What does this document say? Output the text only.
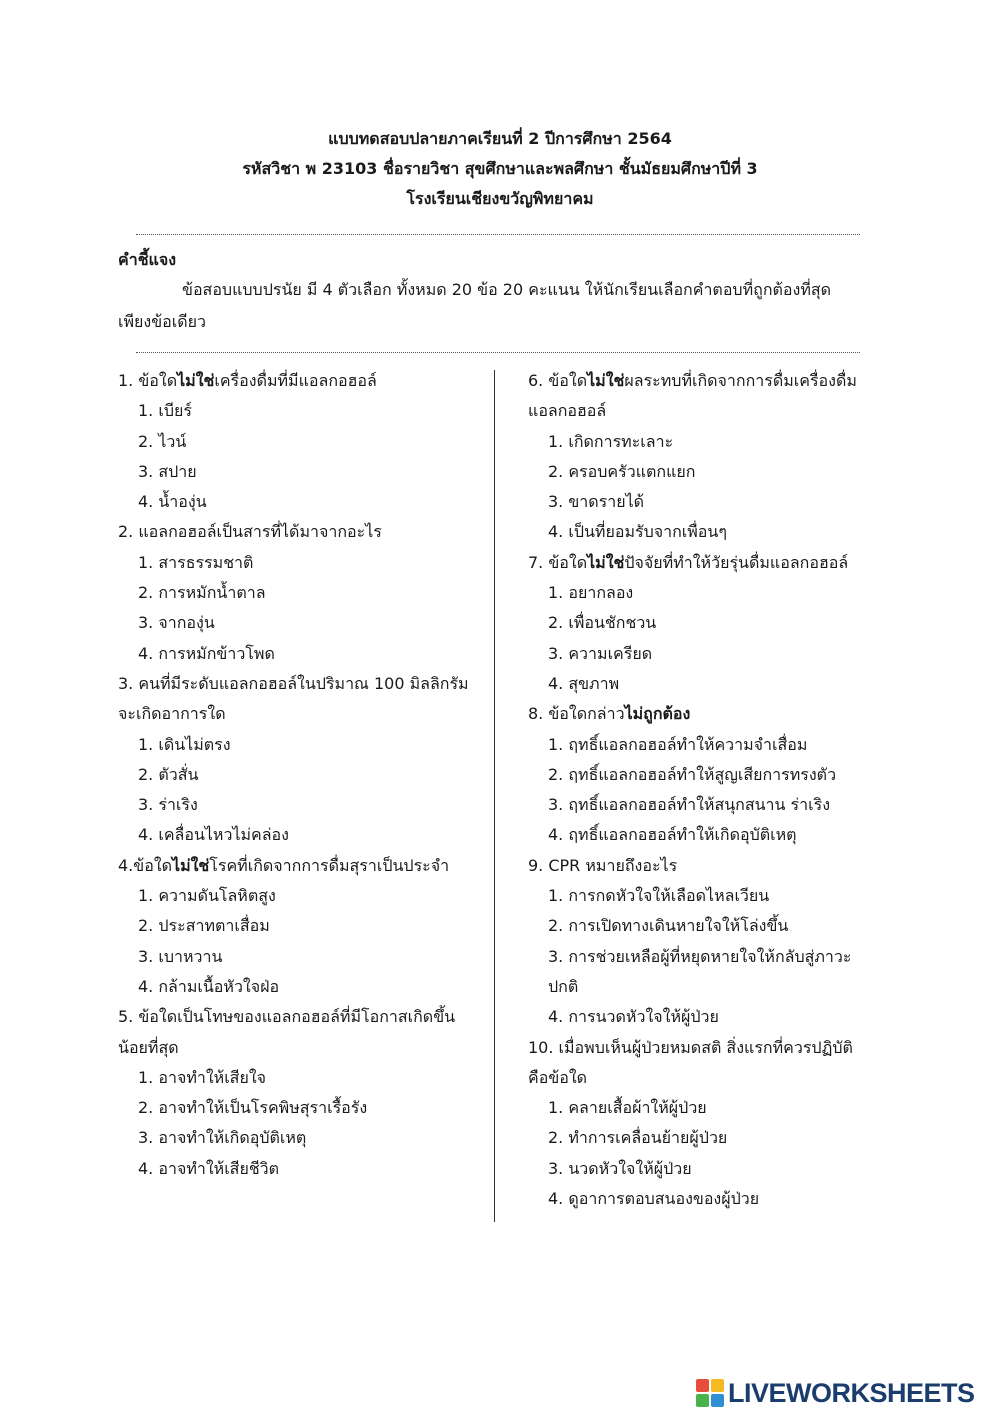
แบบทดสอบปลายภาคเรียนที่ 2 ปีการศึกษา 2564
รหัสวิชา พ 23103 ชื่อรายวิชา สุขศึกษาและพลศึกษา ชั้นมัธยมศึกษาปีที่ 3
โรงเรียนเชียงขวัญพิทยาคม
คำชี้แจง
ข้อสอบแบบปรนัย มี 4 ตัวเลือก ทั้งหมด 20 ข้อ 20 คะแนน ให้นักเรียนเลือกคำตอบที่ถูกต้องที่สุดเพียงข้อเดียว
1. ข้อใดไม่ใช่เครื่องดื่มที่มีแอลกอฮอล์
1. เบียร์
2. ไวน์
3. สปาย
4. น้ำองุ่น
2. แอลกอฮอล์เป็นสารที่ได้มาจากอะไร
1. สารธรรมชาติ
2. การหมักน้ำตาล
3. จากองุ่น
4. การหมักข้าวโพด
3. คนที่มีระดับแอลกอฮอล์ในปริมาณ 100 มิลลิกรัมจะเกิดอาการใด
1. เดินไม่ตรง
2. ตัวสั่น
3. ร่าเริง
4. เคลื่อนไหวไม่คล่อง
4.ข้อใดไม่ใช่โรคที่เกิดจากการดื่มสุราเป็นประจำ
1. ความดันโลหิตสูง
2. ประสาทตาเสื่อม
3. เบาหวาน
4. กล้ามเนื้อหัวใจฝ่อ
5. ข้อใดเป็นโทษของแอลกอฮอล์ที่มีโอกาสเกิดขึ้นน้อยที่สุด
1. อาจทำให้เสียใจ
2. อาจทำให้เป็นโรคพิษสุราเรื้อรัง
3. อาจทำให้เกิดอุบัติเหตุ
4. อาจทำให้เสียชีวิต
6. ข้อใดไม่ใช่ผลระทบที่เกิดจากการดื่มเครื่องดื่มแอลกอฮอล์
1. เกิดการทะเลาะ
2. ครอบครัวแตกแยก
3. ขาดรายได้
4. เป็นที่ยอมรับจากเพื่อนๆ
7. ข้อใดไม่ใช่ปัจจัยที่ทำให้วัยรุ่นดื่มแอลกอฮอล์
1. อยากลอง
2. เพื่อนชักชวน
3. ความเครียด
4. สุขภาพ
8. ข้อใดกล่าวไม่ถูกต้อง
1. ฤทธิ์แอลกอฮอล์ทำให้ความจำเสื่อม
2. ฤทธิ์แอลกอฮอล์ทำให้สูญเสียการทรงตัว
3. ฤทธิ์แอลกอฮอล์ทำให้สนุกสนาน ร่าเริง
4. ฤทธิ์แอลกอฮอล์ทำให้เกิดอุบัติเหตุ
9. CPR หมายถึงอะไร
1. การกดหัวใจให้เลือดไหลเวียน
2. การเปิดทางเดินหายใจให้โล่งขึ้น
3. การช่วยเหลือผู้ที่หยุดหายใจให้กลับสู่ภาวะปกติ
4. การนวดหัวใจให้ผู้ป่วย
10. เมื่อพบเห็นผู้ป่วยหมดสติ สิ่งแรกที่ควรปฏิบัติคือข้อใด
1. คลายเสื้อผ้าให้ผู้ป่วย
2. ทำการเคลื่อนย้ายผู้ป่วย
3. นวดหัวใจให้ผู้ป่วย
4. ดูอาการตอบสนองของผู้ป่วย
LIVEWORKSHEETS
